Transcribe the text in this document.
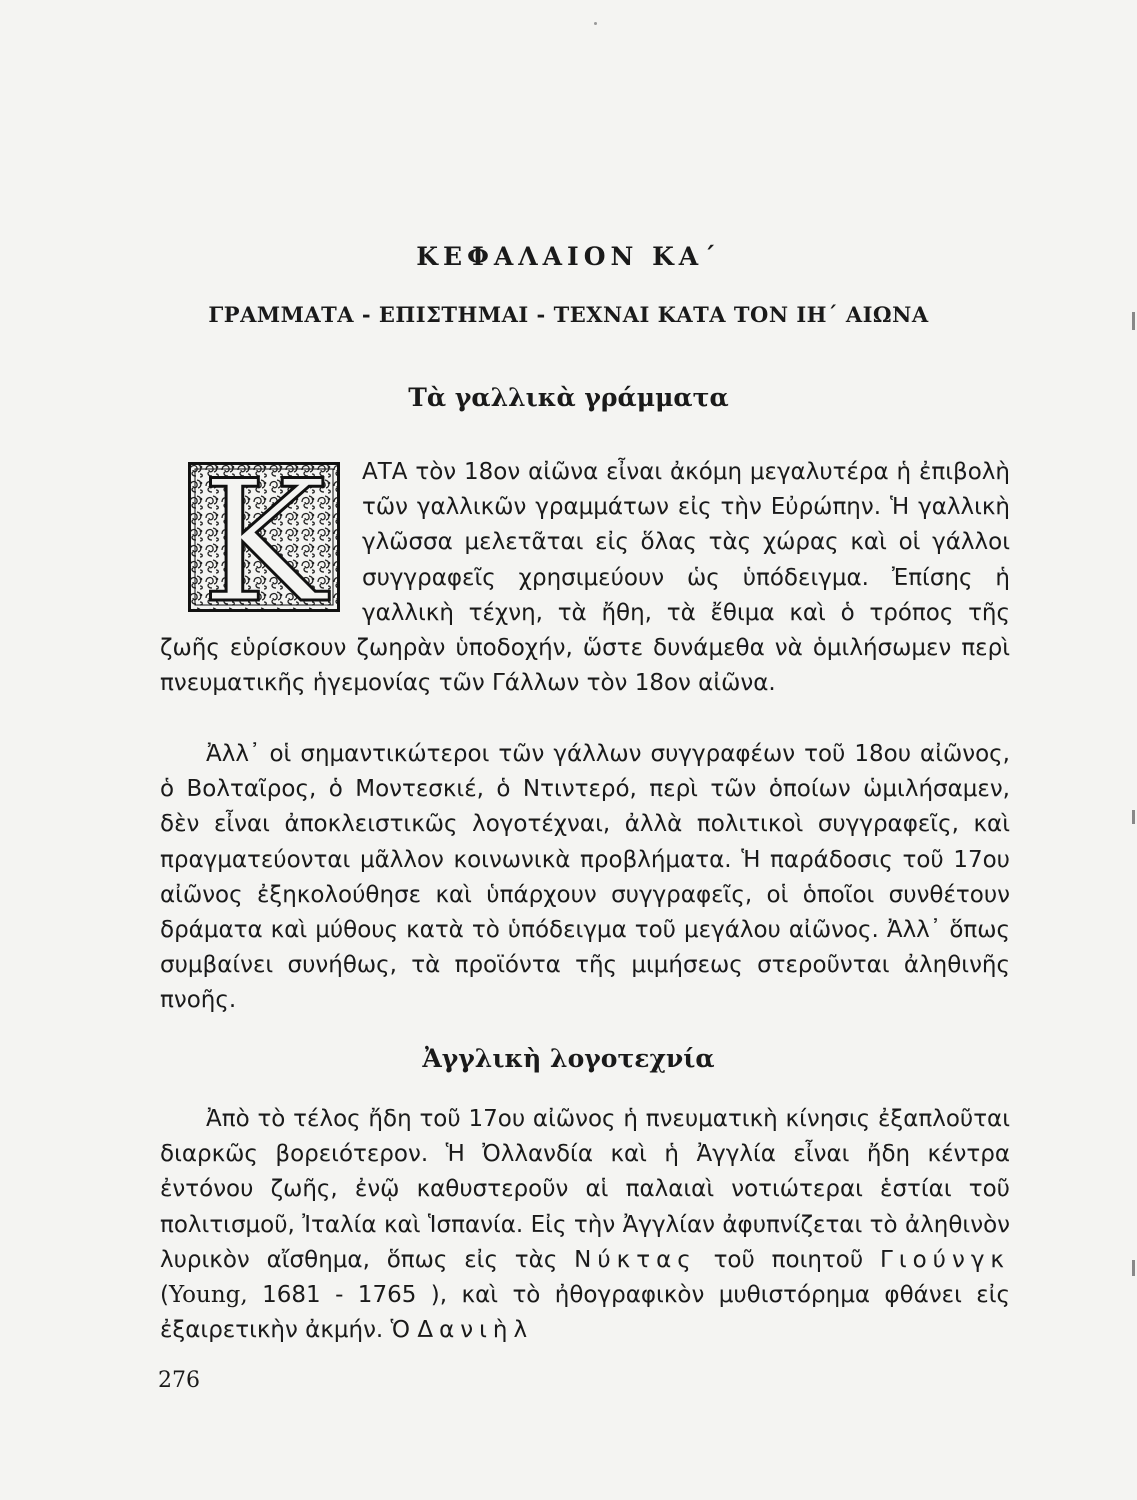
ΚΕΦΑΛΑΙΟΝ ΚΑ΄
ΓΡΑΜΜΑΤΑ - ΕΠΙΣΤΗΜΑΙ - ΤΕΧΝΑΙ ΚΑΤΑ ΤΟΝ ΙΗ΄ ΑΙΩΝΑ
Τὰ γαλλικὰ γράμματα

Κ ΑΤΑ τὸν 18ον αἰῶνα εἶναι ἀκόμη μεγαλυτέρα ἡ ἐπιβολὴ τῶν γαλλικῶν γραμμάτων εἰς τὴν Εὐρώπην. Ἡ γαλλικὴ γλῶσσα μελετᾶται εἰς ὅλας τὰς χώρας καὶ οἱ γάλλοι συγγραφεῖς χρησιμεύουν ὡς ὑπόδειγμα. Ἐπίσης ἡ γαλλικὴ τέχνη, τὰ ἤθη, τὰ ἔθιμα καὶ ὁ τρόπος τῆς ζωῆς εὑρίσκουν ζωηρὰν ὑποδοχήν, ὥστε δυνάμεθα νὰ ὁμιλήσωμεν περὶ πνευματικῆς ἡγεμονίας τῶν Γάλλων τὸν 18ον αἰῶνα.

Ἀλλ᾽ οἱ σημαντικώτεροι τῶν γάλλων συγγραφέων τοῦ 18ου αἰῶνος, ὁ Βολταῖρος, ὁ Μοντεσκιέ, ὁ Ντιντερό, περὶ τῶν ὁποίων ὡμιλήσαμεν, δὲν εἶναι ἀποκλειστικῶς λογοτέχναι, ἀλλὰ πολιτικοὶ συγγραφεῖς, καὶ πραγματεύονται μᾶλλον κοινωνικὰ προβλήματα. Ἡ παράδοσις τοῦ 17ου αἰῶνος ἐξηκολούθησε καὶ ὑπάρχουν συγγραφεῖς, οἱ ὁποῖοι συνθέτουν δράματα καὶ μύθους κατὰ τὸ ὑπόδειγμα τοῦ μεγάλου αἰῶνος. Ἀλλ᾽ ὅπως συμβαίνει συνήθως, τὰ προϊόντα τῆς μιμήσεως στεροῦνται ἀληθινῆς πνοῆς.

Ἀγγλικὴ λογοτεχνία

Ἀπὸ τὸ τέλος ἤδη τοῦ 17ου αἰῶνος ἡ πνευματικὴ κίνησις ἐξαπλοῦται διαρκῶς βορειότερον. Ἡ Ὀλλανδία καὶ ἡ Ἀγγλία εἶναι ἤδη κέντρα ἐντόνου ζωῆς, ἐνῷ καθυστεροῦν αἱ παλαιαὶ νοτιώτεραι ἑστίαι τοῦ πολιτισμοῦ, Ἰταλία καὶ Ἱσπανία. Εἰς τὴν Ἀγγλίαν ἀφυπνίζεται τὸ ἀληθινὸν λυρικὸν αἴσθημα, ὅπως εἰς τὰς Νύκτας τοῦ ποιητοῦ Γιούνγκ (Young, 1681 - 1765 ), καὶ τὸ ἠθογραφικὸν μυθιστόρημα φθάνει εἰς ἐξαιρετικὴν ἀκμήν. Ὁ Δανιὴλ

276
